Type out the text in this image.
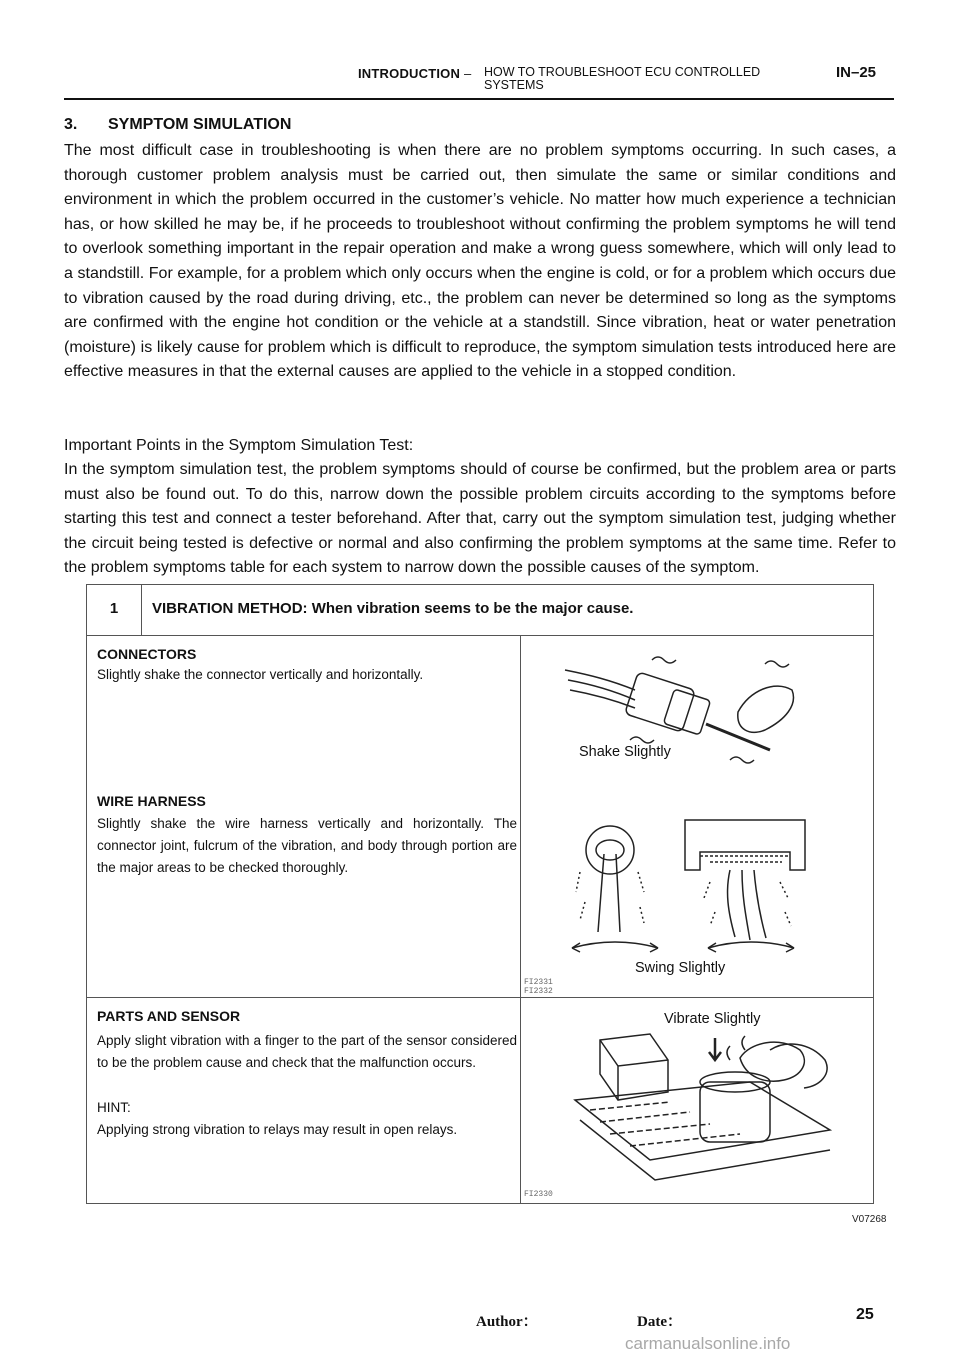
INTRODUCTION – HOW TO TROUBLESHOOT ECU CONTROLLED SYSTEMS
IN–25
3. SYMPTOM SIMULATION

The most difficult case in troubleshooting is when there are no problem symptoms occurring. In such cases, a thorough customer problem analysis must be carried out, then simulate the same or similar conditions and environment in which the problem occurred in the customer’s vehicle. No matter how much experience a technician has, or how skilled he may be, if he proceeds to troubleshoot without confirming the problem symptoms he will tend to overlook something important in the repair operation and make a wrong guess somewhere, which will only lead to a standstill. For example, for a problem which only occurs when the engine is cold, or for a problem which occurs due to vibration caused by the road during driving, etc., the problem can never be determined so long as the symptoms are confirmed with the engine hot condition or the vehicle at a standstill. Since vibration, heat or water penetration (moisture) is likely cause for problem which is difficult to reproduce, the symptom simulation tests introduced here are effective measures in that the external causes are applied to the vehicle in a stopped condition.

Important Points in the Symptom Simulation Test:

In the symptom simulation test, the problem symptoms should of course be confirmed, but the problem area or parts must also be found out. To do this, narrow down the possible problem circuits according to the symptoms before starting this test and connect a tester beforehand. After that, carry out the symptom simulation test, judging whether the circuit being tested is defective or normal and also confirming the problem symptoms at the same time. Refer to the problem symptoms table for each system to narrow down the possible causes of the symptom.

1	VIBRATION METHOD: When vibration seems to be the major cause.
CONNECTORS
Slightly shake the connector vertically and horizontally.
WIRE HARNESS
Slightly shake the wire harness vertically and horizontally. The connector joint, fulcrum of the vibration, and body through portion are the major areas to be checked thoroughly.
PARTS AND SENSOR
Apply slight vibration with a finger to the part of the sensor considered to be the problem cause and check that the malfunction occurs.
HINT:
Applying strong vibration to relays may result in open relays.
Shake Slightly
Swing Slightly
FI2331
FI2332
Vibrate Slightly
FI2330
V07268
Author：	Date：	25
carmanualsonline.info
